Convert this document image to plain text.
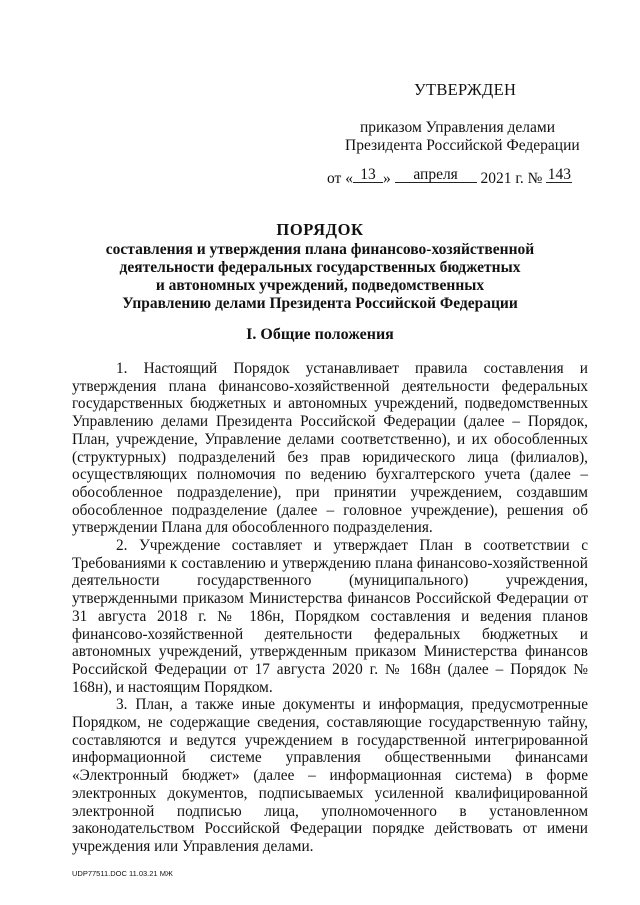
УТВЕРЖДЕН
приказом Управления делами
Президента Российской Федерации
от « 13 » апреля 2021 г. № 143
ПОРЯДОК
составления и утверждения плана финансово-хозяйственной
деятельности федеральных государственных бюджетных
и автономных учреждений, подведомственных
Управлению делами Президента Российской Федерации
I. Общие положения

1. Настоящий Порядок устанавливает правила составления и утверждения плана финансово-хозяйственной деятельности федеральных государственных бюджетных и автономных учреждений, подведомственных Управлению делами Президента Российской Федерации (далее – Порядок, План, учреждение, Управление делами соответственно), и их обособленных (структурных) подразделений без прав юридического лица (филиалов), осуществляющих полномочия по ведению бухгалтерского учета (далее – обособленное подразделение), при принятии учреждением, создавшим обособленное подразделение (далее – головное учреждение), решения об утверждении Плана для обособленного подразделения.

2. Учреждение составляет и утверждает План в соответствии с Требованиями к составлению и утверждению плана финансово-хозяйственной деятельности государственного (муниципального) учреждения, утвержденными приказом Министерства финансов Российской Федерации от 31 августа 2018 г. № 186н, Порядком составления и ведения планов финансово-хозяйственной деятельности федеральных бюджетных и автономных учреждений, утвержденным приказом Министерства финансов Российской Федерации от 17 августа 2020 г. № 168н (далее – Порядок № 168н), и настоящим Порядком.

3. План, а также иные документы и информация, предусмотренные Порядком, не содержащие сведения, составляющие государственную тайну, составляются и ведутся учреждением в государственной интегрированной информационной системе управления общественными финансами «Электронный бюджет» (далее – информационная система) в форме электронных документов, подписываемых усиленной квалифицированной электронной подписью лица, уполномоченного в установленном законодательством Российской Федерации порядке действовать от имени учреждения или Управления делами.

UDP77511.DOC 11.03.21 МЖ
